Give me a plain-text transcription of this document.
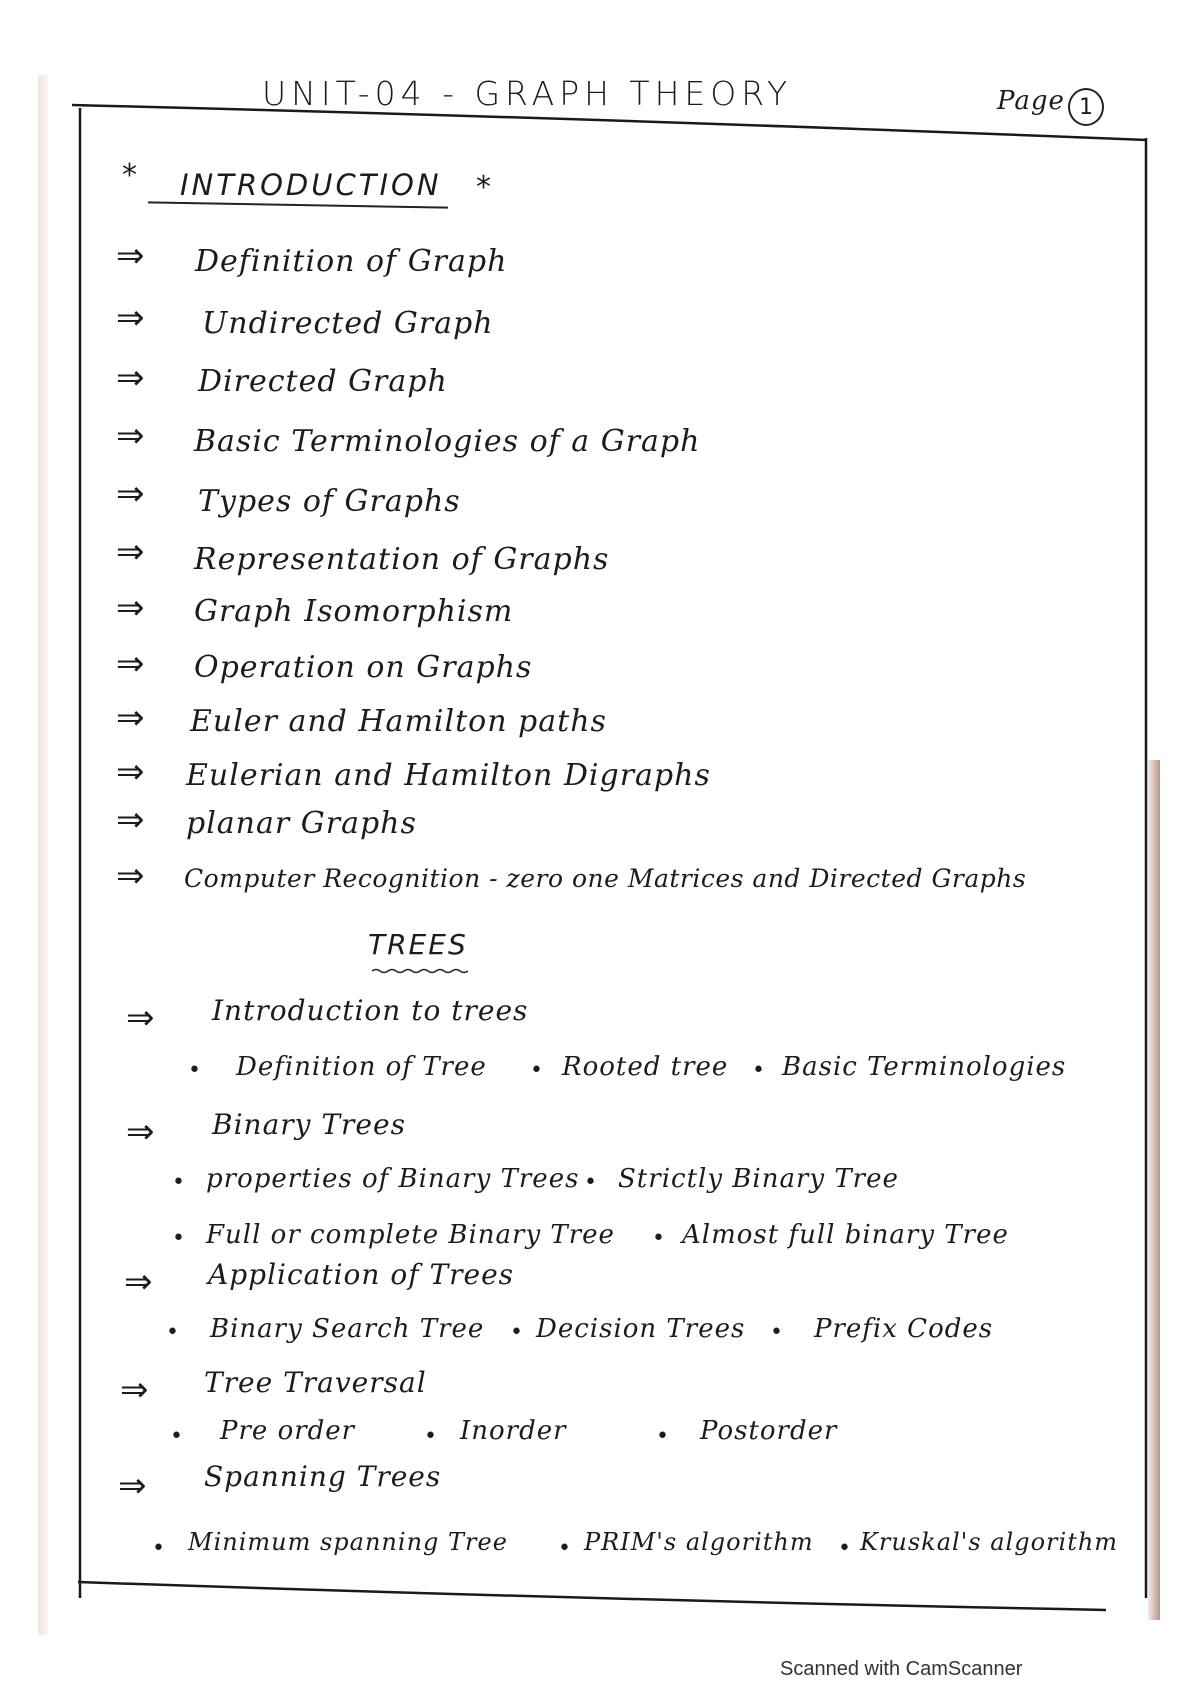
UNIT-04 - GRAPH THEORY	Page 1
* INTRODUCTION *
⇒ Definition of Graph
⇒ Undirected Graph
⇒ Directed Graph
⇒ Basic Terminologies of a Graph
⇒ Types of Graphs
⇒ Representation of Graphs
⇒ Graph Isomorphism
⇒ Operation on Graphs
⇒ Euler and Hamilton paths
⇒ Eulerian and Hamilton Digraphs
⇒ planar Graphs
⇒ Computer Recognition - zero one Matrices and Directed Graphs
TREES
⇒ Introduction to trees
• Definition of Tree • Rooted tree • Basic Terminologies
⇒ Binary Trees
• properties of Binary Trees • Strictly Binary Tree
• Full or complete Binary Tree • Almost full binary Tree
⇒ Application of Trees
• Binary Search Tree • Decision Trees • Prefix Codes
⇒ Tree Traversal
• Pre order	• Inorder	• Postorder
⇒ Spanning Trees
• Minimum spanning Tree • PRIM's algorithm • Kruskal's algorithm
Scanned with CamScanner
